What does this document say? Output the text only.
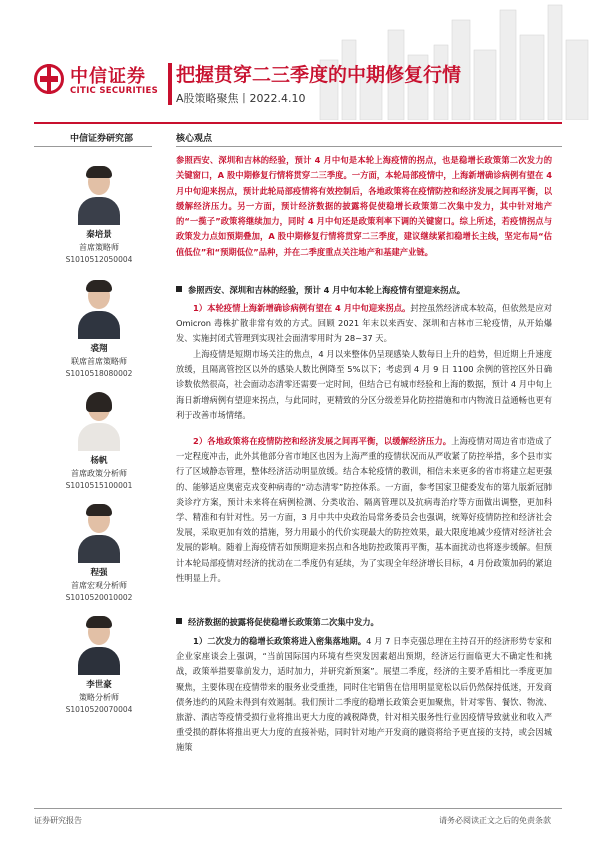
中信证券
CITIC SECURITIES
把握贯穿二三季度的中期修复行情
A股策略聚焦丨2022.4.10
中信证券研究部
秦培景
首席策略师
S1010512050004
裘翔
联席首席策略师
S1010518080002
杨帆
首席政策分析师
S1010515100001
程强
首席宏观分析师
S1010520010002
李世豪
策略分析师
S1010520070004
核心观点
参照西安、深圳和吉林的经验，预计 4 月中旬是本轮上海疫情的拐点，也是稳增长政策第二次发力的关键窗口，A 股中期修复行情将贯穿二三季度。一方面，本轮局部疫情中，上海新增确诊病例有望在 4 月中旬迎来拐点，预计此轮局部疫情将有效控制后，各地政策将在疫情防控和经济发展之间再平衡，以缓解经济压力。另一方面，预计经济数据的披露将促使稳增长政策第二次集中发力，其中针对地产的“一揽子”政策将继续加力，同时 4 月中旬还是政策利率下调的关键窗口。综上所述，若疫情拐点与政策发力点如预期叠加，A 股中期修复行情将贯穿二三季度，建议继续紧扣稳增长主线，坚定布局“估值低位”和“预期低位”品种，并在二季度重点关注地产和基建产业链。
参照西安、深圳和吉林的经验，预计 4 月中旬本轮上海疫情有望迎来拐点。
1）本轮疫情上海新增确诊病例有望在 4 月中旬迎来拐点。封控虽然经济成本较高，但依然是应对 Omicron 毒株扩散非常有效的方式。回顾 2021 年末以来西安、深圳和吉林市三轮疫情，从开始爆发、实施封闭式管理到实现社会面清零用时为 28~37 天。
上海疫情是短期市场关注的焦点，4 月以来整体仍呈现感染人数每日上升的趋势，但近期上升速度放缓，且隔离管控区以外的感染人数比例降至 5%以下；考虑到 4 月 9 日 1100 余例的管控区外日确诊数依然很高，社会面动态清零还需要一定时间，但结合已有城市经验和上海的数据，预计 4 月中旬上海日新增病例有望迎来拐点，与此同时，更精致的分区分级差异化防控措施和市内物流日益通畅也更有利于改善市场情绪。
2）各地政策将在疫情防控和经济发展之间再平衡，以缓解经济压力。上海疫情对周边省市造成了一定程度冲击，此外其他部分省市地区也因为上海严重的疫情状况而从严收紧了防控举措，多个县市实行了区域静态管理，整体经济活动明显放缓。结合本轮疫情的教训，相信未来更多的省市将建立起更强的、能够适应奥密克戎变种病毒的“动态清零”防控体系。一方面，参考国家卫健委发布的第九版新冠肺炎诊疗方案，预计未来将在病例检测、分类收治、隔离管理以及抗病毒治疗等方面做出调整，更加科学、精准和有针对性。另一方面，3 月中共中央政治局常务委员会也强调，统筹好疫情防控和经济社会发展，采取更加有效的措施，努力用最小的代价实现最大的防控效果，最大限度地减少疫情对经济社会发展的影响。随着上海疫情若如预期迎来拐点和各地防控政策再平衡，基本面扰动也将逐步缓解。但预计本轮局部疫情对经济的扰动在二季度仍有延续，为了实现全年经济增长目标，4 月份政策加码的紧迫性明显上升。
经济数据的披露将促使稳增长政策第二次集中发力。
1）二次发力的稳增长政策将进入密集落地期。4 月 7 日李克强总理在主持召开的经济形势专家和企业家座谈会上强调，“当前国际国内环境有些突发因素超出预期，经济运行面临更大不确定性和挑战，政策举措要靠前发力，适时加力，并研究新预案”。展望二季度，经济的主要矛盾相比一季度更加聚焦，主要体现在疫情带来的服务业受重挫，同时住宅销售在信用明显宽松以后仍然保持低迷，开发商债务违约的风险未得到有效遏制。我们预计二季度的稳增长政策会更加聚焦，针对零售、餐饮、物流、旅游、酒店等疫情受损行业将推出更大力度的减税降费，针对相关服务性行业因疫情导致就业和收入严重受损的群体将推出更大力度的直接补贴，同时针对地产开发商的融资将给予更直接的支持，或会因城施策
证券研究报告	请务必阅读正文之后的免责条款
